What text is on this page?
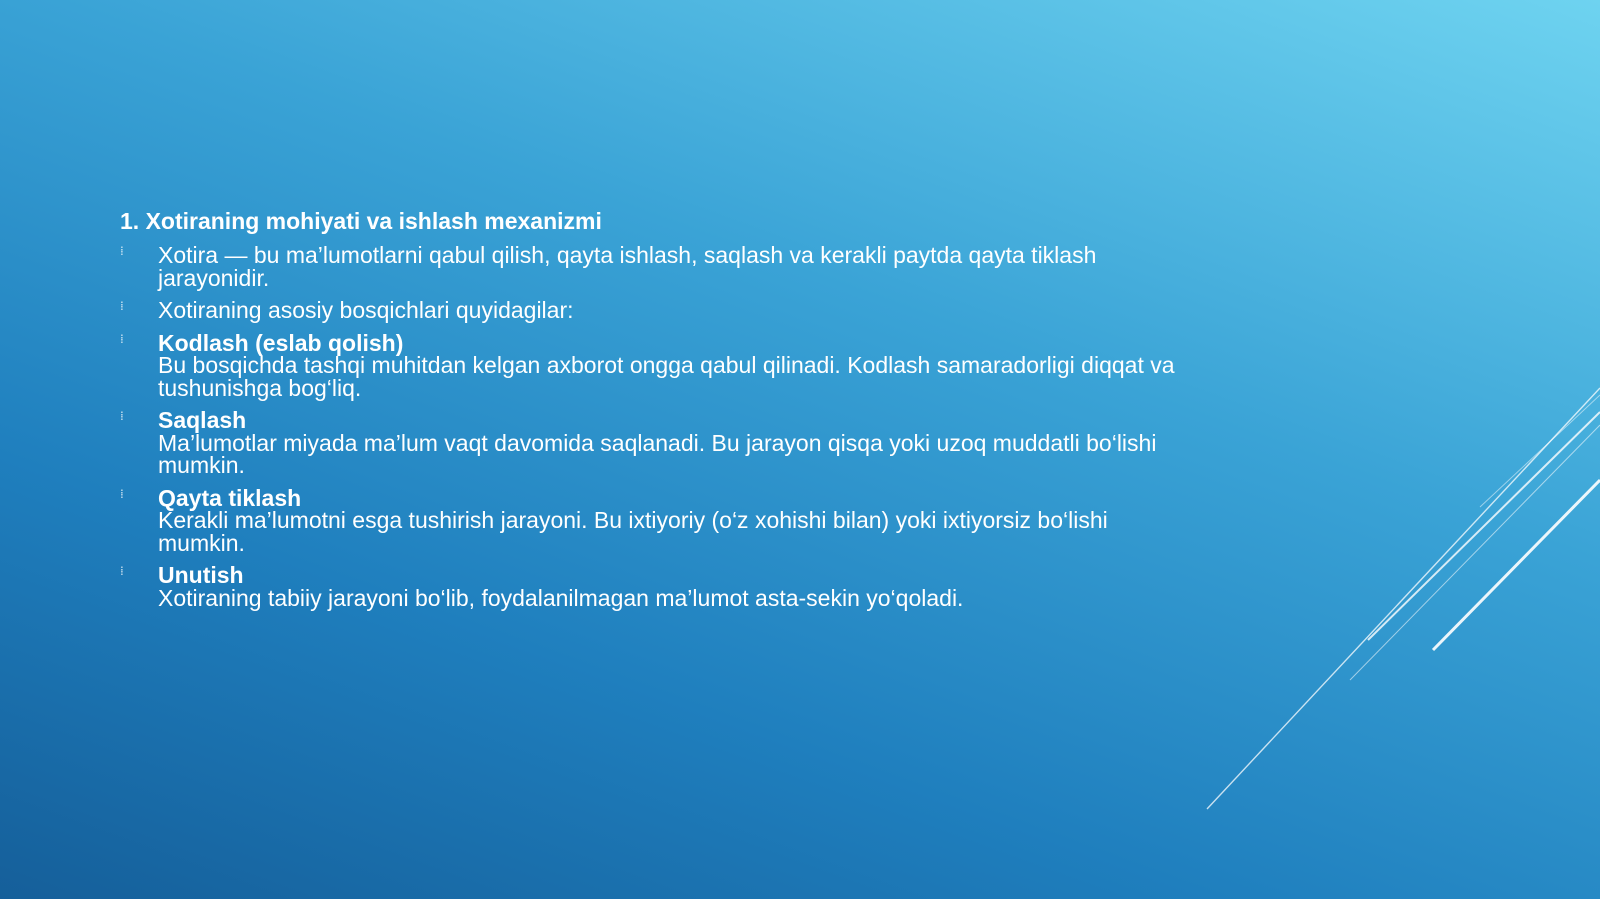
1. Xotiraning mohiyati va ishlash mexanizmi
⁞ Xotira — bu ma’lumotlarni qabul qilish, qayta ishlash, saqlash va kerakli paytda qayta tiklash jarayonidir.
⁞ Xotiraning asosiy bosqichlari quyidagilar:
⁞ Kodlash (eslab qolish)
Bu bosqichda tashqi muhitdan kelgan axborot ongga qabul qilinadi. Kodlash samaradorligi diqqat va tushunishga bog‘liq.
⁞ Saqlash
Ma’lumotlar miyada ma’lum vaqt davomida saqlanadi. Bu jarayon qisqa yoki uzoq muddatli bo‘lishi mumkin.
⁞ Qayta tiklash
Kerakli ma’lumotni esga tushirish jarayoni. Bu ixtiyoriy (o‘z xohishi bilan) yoki ixtiyorsiz bo‘lishi mumkin.
⁞ Unutish
Xotiraning tabiiy jarayoni bo‘lib, foydalanilmagan ma’lumot asta-sekin yo‘qoladi.
